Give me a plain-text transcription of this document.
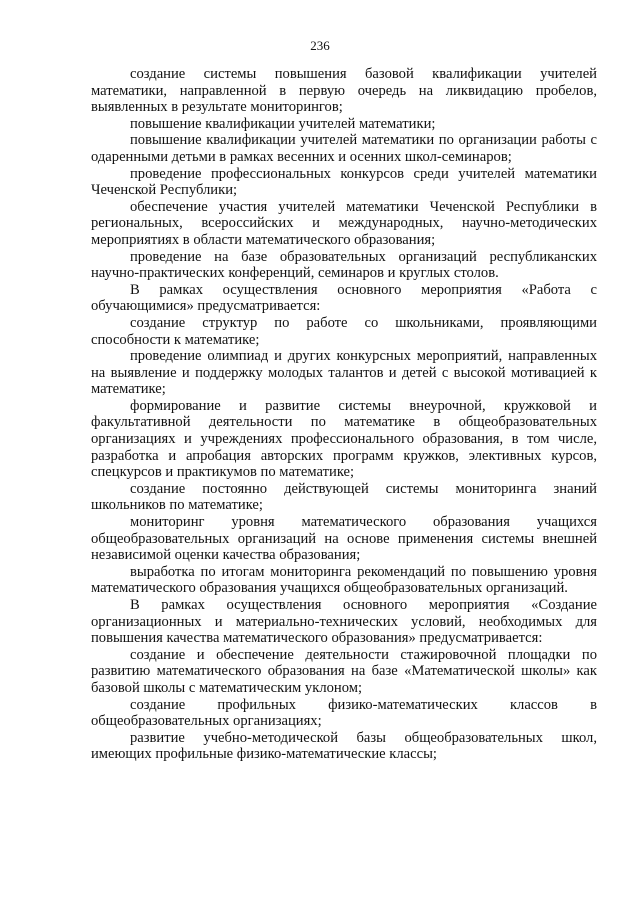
236

создание системы повышения базовой квалификации учителей математики, направленной в первую очередь на ликвидацию пробелов, выявленных в результате мониторингов;

повышение квалификации учителей математики;

повышение квалификации учителей математики по организации работы с одаренными детьми в рамках весенних и осенних школ-семинаров;

проведение профессиональных конкурсов среди учителей математики Чеченской Республики;

обеспечение участия учителей математики Чеченской Республики в региональных, всероссийских и международных, научно-методических мероприятиях в области математического образования;

проведение на базе образовательных организаций республиканских научно-практических конференций, семинаров и круглых столов.

В рамках осуществления основного мероприятия «Работа с обучающимися» предусматривается:

создание структур по работе со школьниками, проявляющими способности к математике;

проведение олимпиад и других конкурсных мероприятий, направленных на выявление и поддержку молодых талантов и детей с высокой мотивацией к математике;

формирование и развитие системы внеурочной, кружковой и факультативной деятельности по математике в общеобразовательных организациях и учреждениях профессионального образования, в том числе, разработка и апробация авторских программ кружков, элективных курсов, спецкурсов и практикумов по математике;

создание постоянно действующей системы мониторинга знаний школьников по математике;

мониторинг уровня математического образования учащихся общеобразовательных организаций на основе применения системы внешней независимой оценки качества образования;

выработка по итогам мониторинга рекомендаций по повышению уровня математического образования учащихся общеобразовательных организаций.

В рамках осуществления основного мероприятия «Создание организационных и материально-технических условий, необходимых для повышения качества математического образования» предусматривается:

создание и обеспечение деятельности стажировочной площадки по развитию математического образования на базе «Математической школы» как базовой школы с математическим уклоном;

создание профильных физико-математических классов в общеобразовательных организациях;

развитие учебно-методической базы общеобразовательных школ, имеющих профильные физико-математические классы;
